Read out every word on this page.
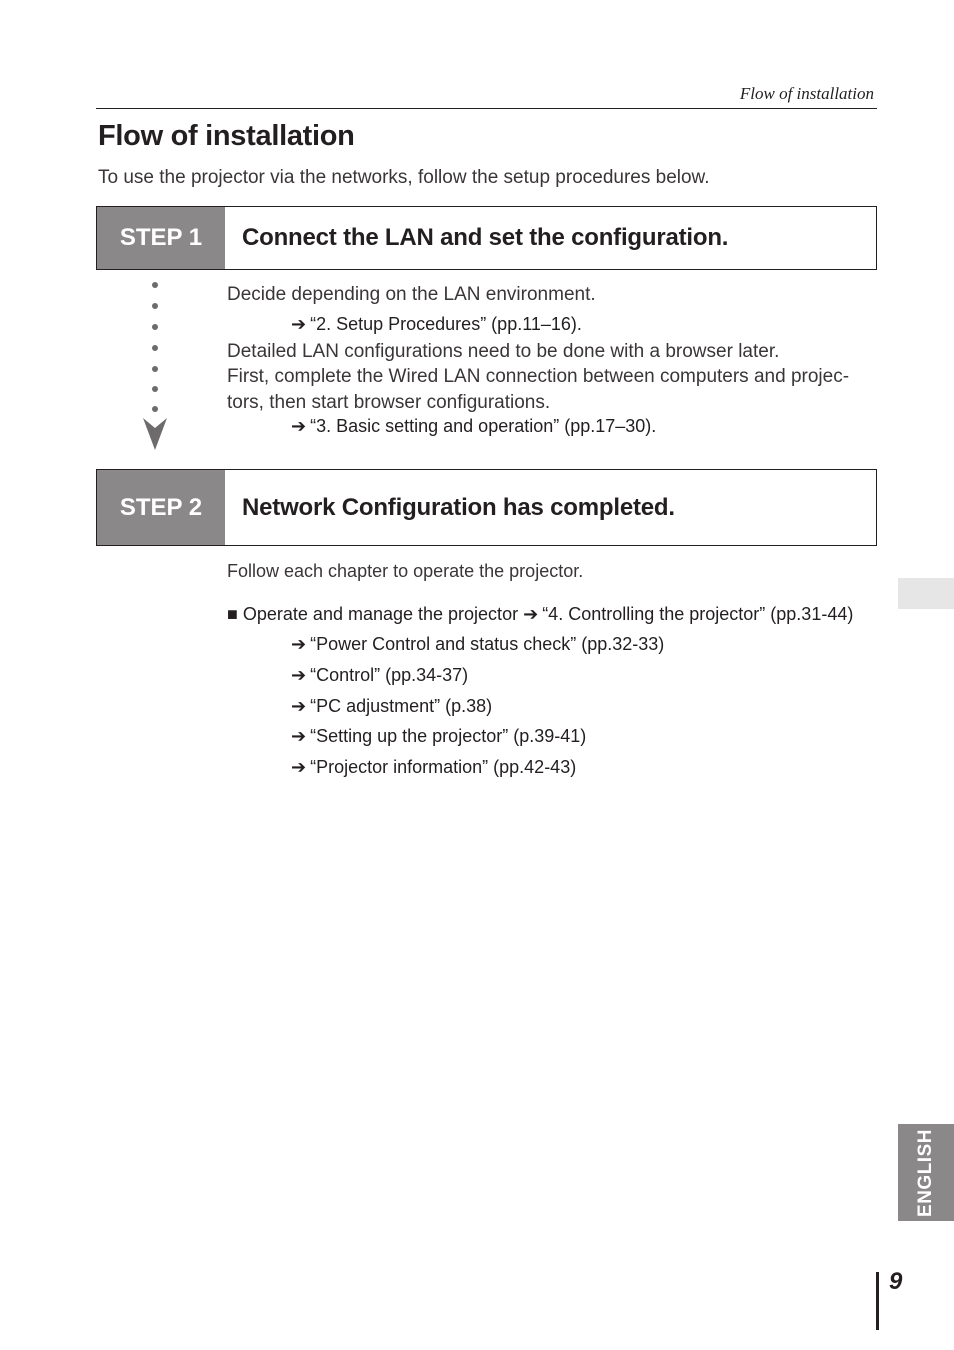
Flow of installation
Flow of installation
To use the projector via the networks, follow the setup procedures below.
STEP 1	Connect the LAN and set the configuration.
Decide depending on the LAN environment.
➔ “2. Setup Procedures” (pp.11–16).
Detailed LAN configurations need to be done with a browser later.
First, complete the Wired LAN connection between computers and projec-
tors, then start browser configurations.
➔ “3. Basic setting and operation” (pp.17–30).
STEP 2	Network Configuration has completed.
Follow each chapter to operate the projector.
■ Operate and manage the projector ➔ “4. Controlling the projector” (pp.31-44)
➔ “Power Control and status check” (pp.32-33)
➔ “Control” (pp.34-37)
➔ “PC adjustment” (p.38)
➔ “Setting up the projector” (p.39-41)
➔ “Projector information” (pp.42-43)
ENGLISH
9
